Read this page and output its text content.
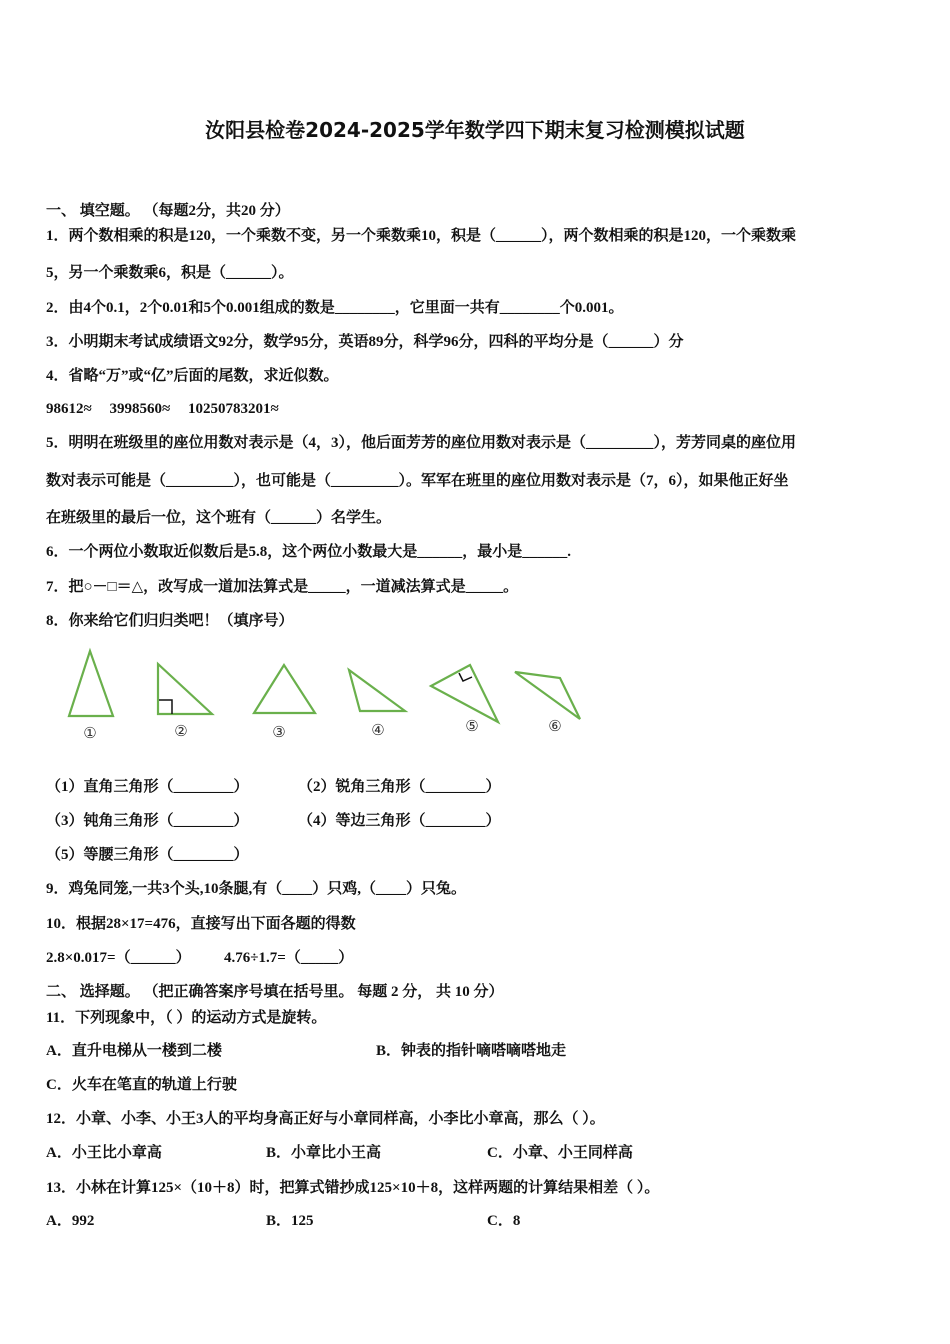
汝阳县检卷2024-2025学年数学四下期末复习检测模拟试题
一、 填空题。 （每题2分，共20 分）
1．两个数相乘的积是120，一个乘数不变，另一个乘数乘10，积是（______），两个数相乘的积是120，一个乘数乘
5，另一个乘数乘6，积是（______）。
2．由4个0.1，2个0.01和5个0.001组成的数是________，它里面一共有________个0.001。
3．小明期末考试成绩语文92分，数学95分，英语89分，科学96分，四科的平均分是（______）分
4．省略“万”或“亿”后面的尾数，求近似数。
98612≈ 3998560≈ 10250783201≈
5．明明在班级里的座位用数对表示是（4，3），他后面芳芳的座位用数对表示是（_________），芳芳同桌的座位用
数对表示可能是（_________），也可能是（_________）。军军在班里的座位用数对表示是（7，6），如果他正好坐
在班级里的最后一位，这个班有（______）名学生。
6．一个两位小数取近似数后是5.8，这个两位小数最大是______，最小是______.
7．把○－□＝△，改写成一道加法算式是_____，一道减法算式是_____。
8．你来给它们归归类吧！（填序号）
①	②	③	④	⑤	⑥
（1）直角三角形（________）	（2）锐角三角形（________）
（3）钝角三角形（________）	（4）等边三角形（________）
（5）等腰三角形（________）
9．鸡兔同笼,一共3个头,10条腿,有（____）只鸡,（____）只兔。
10．根据28×17=476，直接写出下面各题的得数
2.8×0.017=（______） 4.76÷1.7=（_____）
二、 选择题。 （把正确答案序号填在括号里。 每题 2 分， 共 10 分）
11．下列现象中，（ ）的运动方式是旋转。
A．直升电梯从一楼到二楼	B．钟表的指针嘀嗒嘀嗒地走
C．火车在笔直的轨道上行驶
12．小章、小李、小王3人的平均身高正好与小章同样高，小李比小章高，那么（ ）。
A．小王比小章高	B．小章比小王高	C．小章、小王同样高
13．小林在计算125×（10＋8）时，把算式错抄成125×10＋8，这样两题的计算结果相差（ ）。
A．992	B．125	C．8
